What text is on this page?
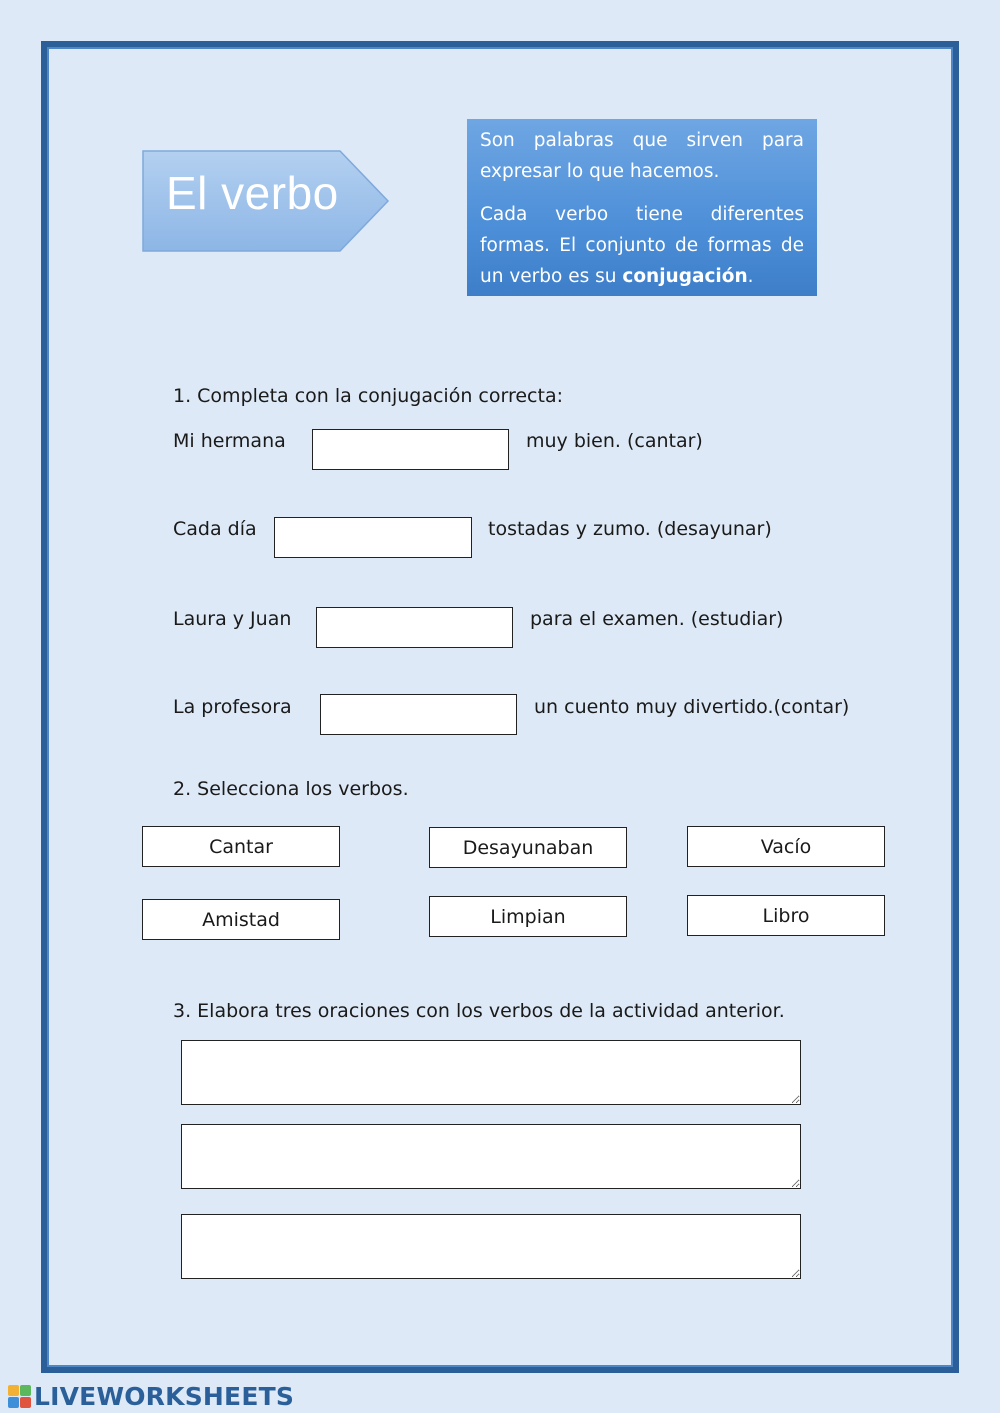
El verbo

Son palabras que sirven para expresar lo que hacemos.

Cada verbo tiene diferentes formas. El conjunto de formas de un verbo es su conjugación.

1. Completa con la conjugación correcta:
Mi hermana	muy bien. (cantar)
Cada día	tostadas y zumo. (desayunar)
Laura y Juan	para el examen. (estudiar)
La profesora	un cuento muy divertido.(contar)
2. Selecciona los verbos.
Cantar	Desayunaban	Vacío
Amistad	Limpian	Libro
3. Elabora tres oraciones con los verbos de la actividad anterior.
LIVEWORKSHEETS
